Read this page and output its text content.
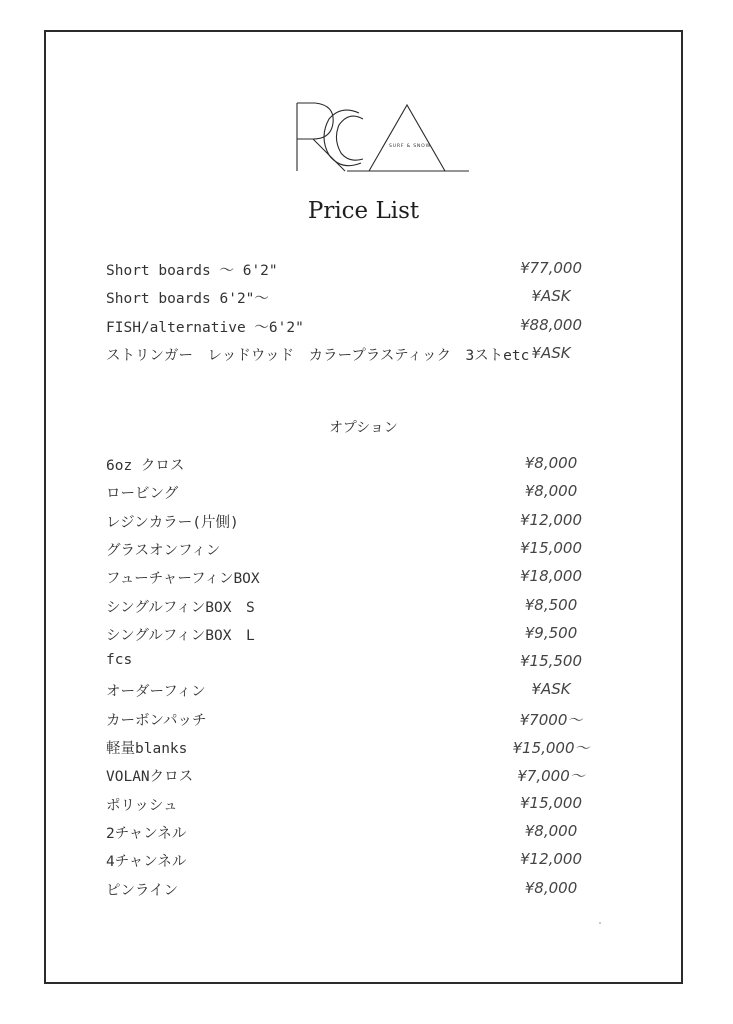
SURF & SNOW
Price List
Short boards ～ 6'2"	¥77,000
Short boards 6'2"～	¥ASK
FISH/alternative ～6'2"	¥88,000
ストリンガー　レッドウッド　カラープラスティック　3ストetc ¥ASK
オプション
6oz クロス	¥8,000
ロービング	¥8,000
レジンカラー(片側)	¥12,000
グラスオンフィン	¥15,000
フューチャーフィンBOX	¥18,000
シングルフィンBOX　S	¥8,500
シングルフィンBOX　L	¥9,500
fcs	¥15,500
オーダーフィン	¥ASK
カーボンパッチ	¥7000～
軽量blanks	¥15,000～
VOLANクロス	¥7,000～
ポリッシュ	¥15,000
2チャンネル	¥8,000
4チャンネル	¥12,000
ピンライン	¥8,000
